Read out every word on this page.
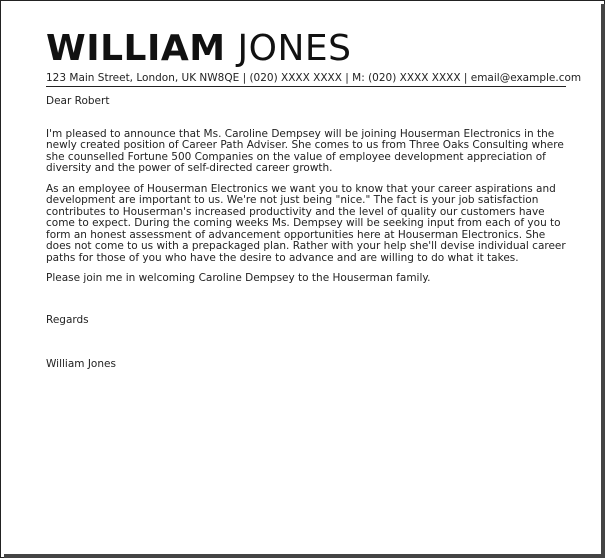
WILLIAM JONES
123 Main Street, London, UK NW8QE | (020) XXXX XXXX | M: (020) XXXX XXXX | email@example.com
Dear Robert
I'm pleased to announce that Ms. Caroline Dempsey will be joining Houserman Electronics in the newly created position of Career Path Adviser. She comes to us from Three Oaks Consulting where she counselled Fortune 500 Companies on the value of employee development appreciation of diversity and the power of self-directed career growth.
As an employee of Houserman Electronics we want you to know that your career aspirations and development are important to us. We're not just being "nice." The fact is your job satisfaction contributes to Houserman's increased productivity and the level of quality our customers have come to expect. During the coming weeks Ms. Dempsey will be seeking input from each of you to form an honest assessment of advancement opportunities here at Houserman Electronics. She does not come to us with a prepackaged plan. Rather with your help she'll devise individual career paths for those of you who have the desire to advance and are willing to do what it takes.
Please join me in welcoming Caroline Dempsey to the Houserman family.
Regards
William Jones
